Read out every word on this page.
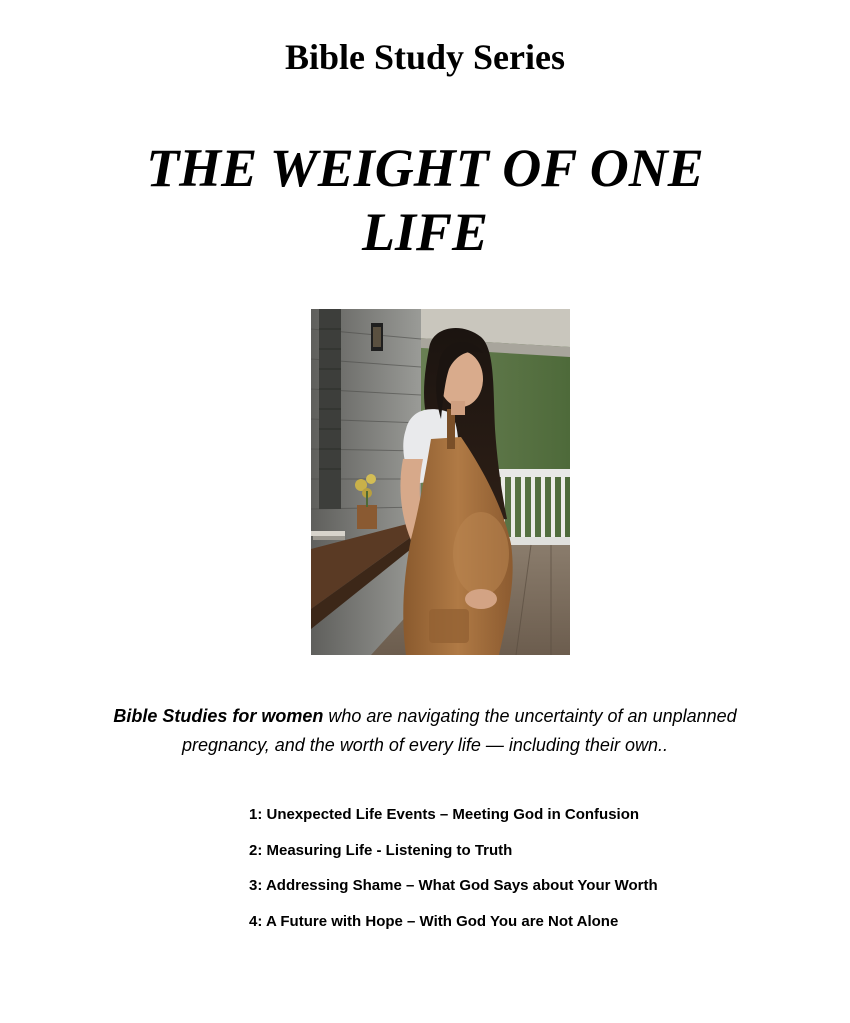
Bible Study Series
THE WEIGHT OF ONE
LIFE

Bible Studies for women who are navigating the uncertainty of an unplanned
pregnancy, and the worth of every life — including their own..

1: Unexpected Life Events – Meeting God in Confusion
2: Measuring Life - Listening to Truth
3: Addressing Shame – What God Says about Your Worth
4: A Future with Hope – With God You are Not Alone
